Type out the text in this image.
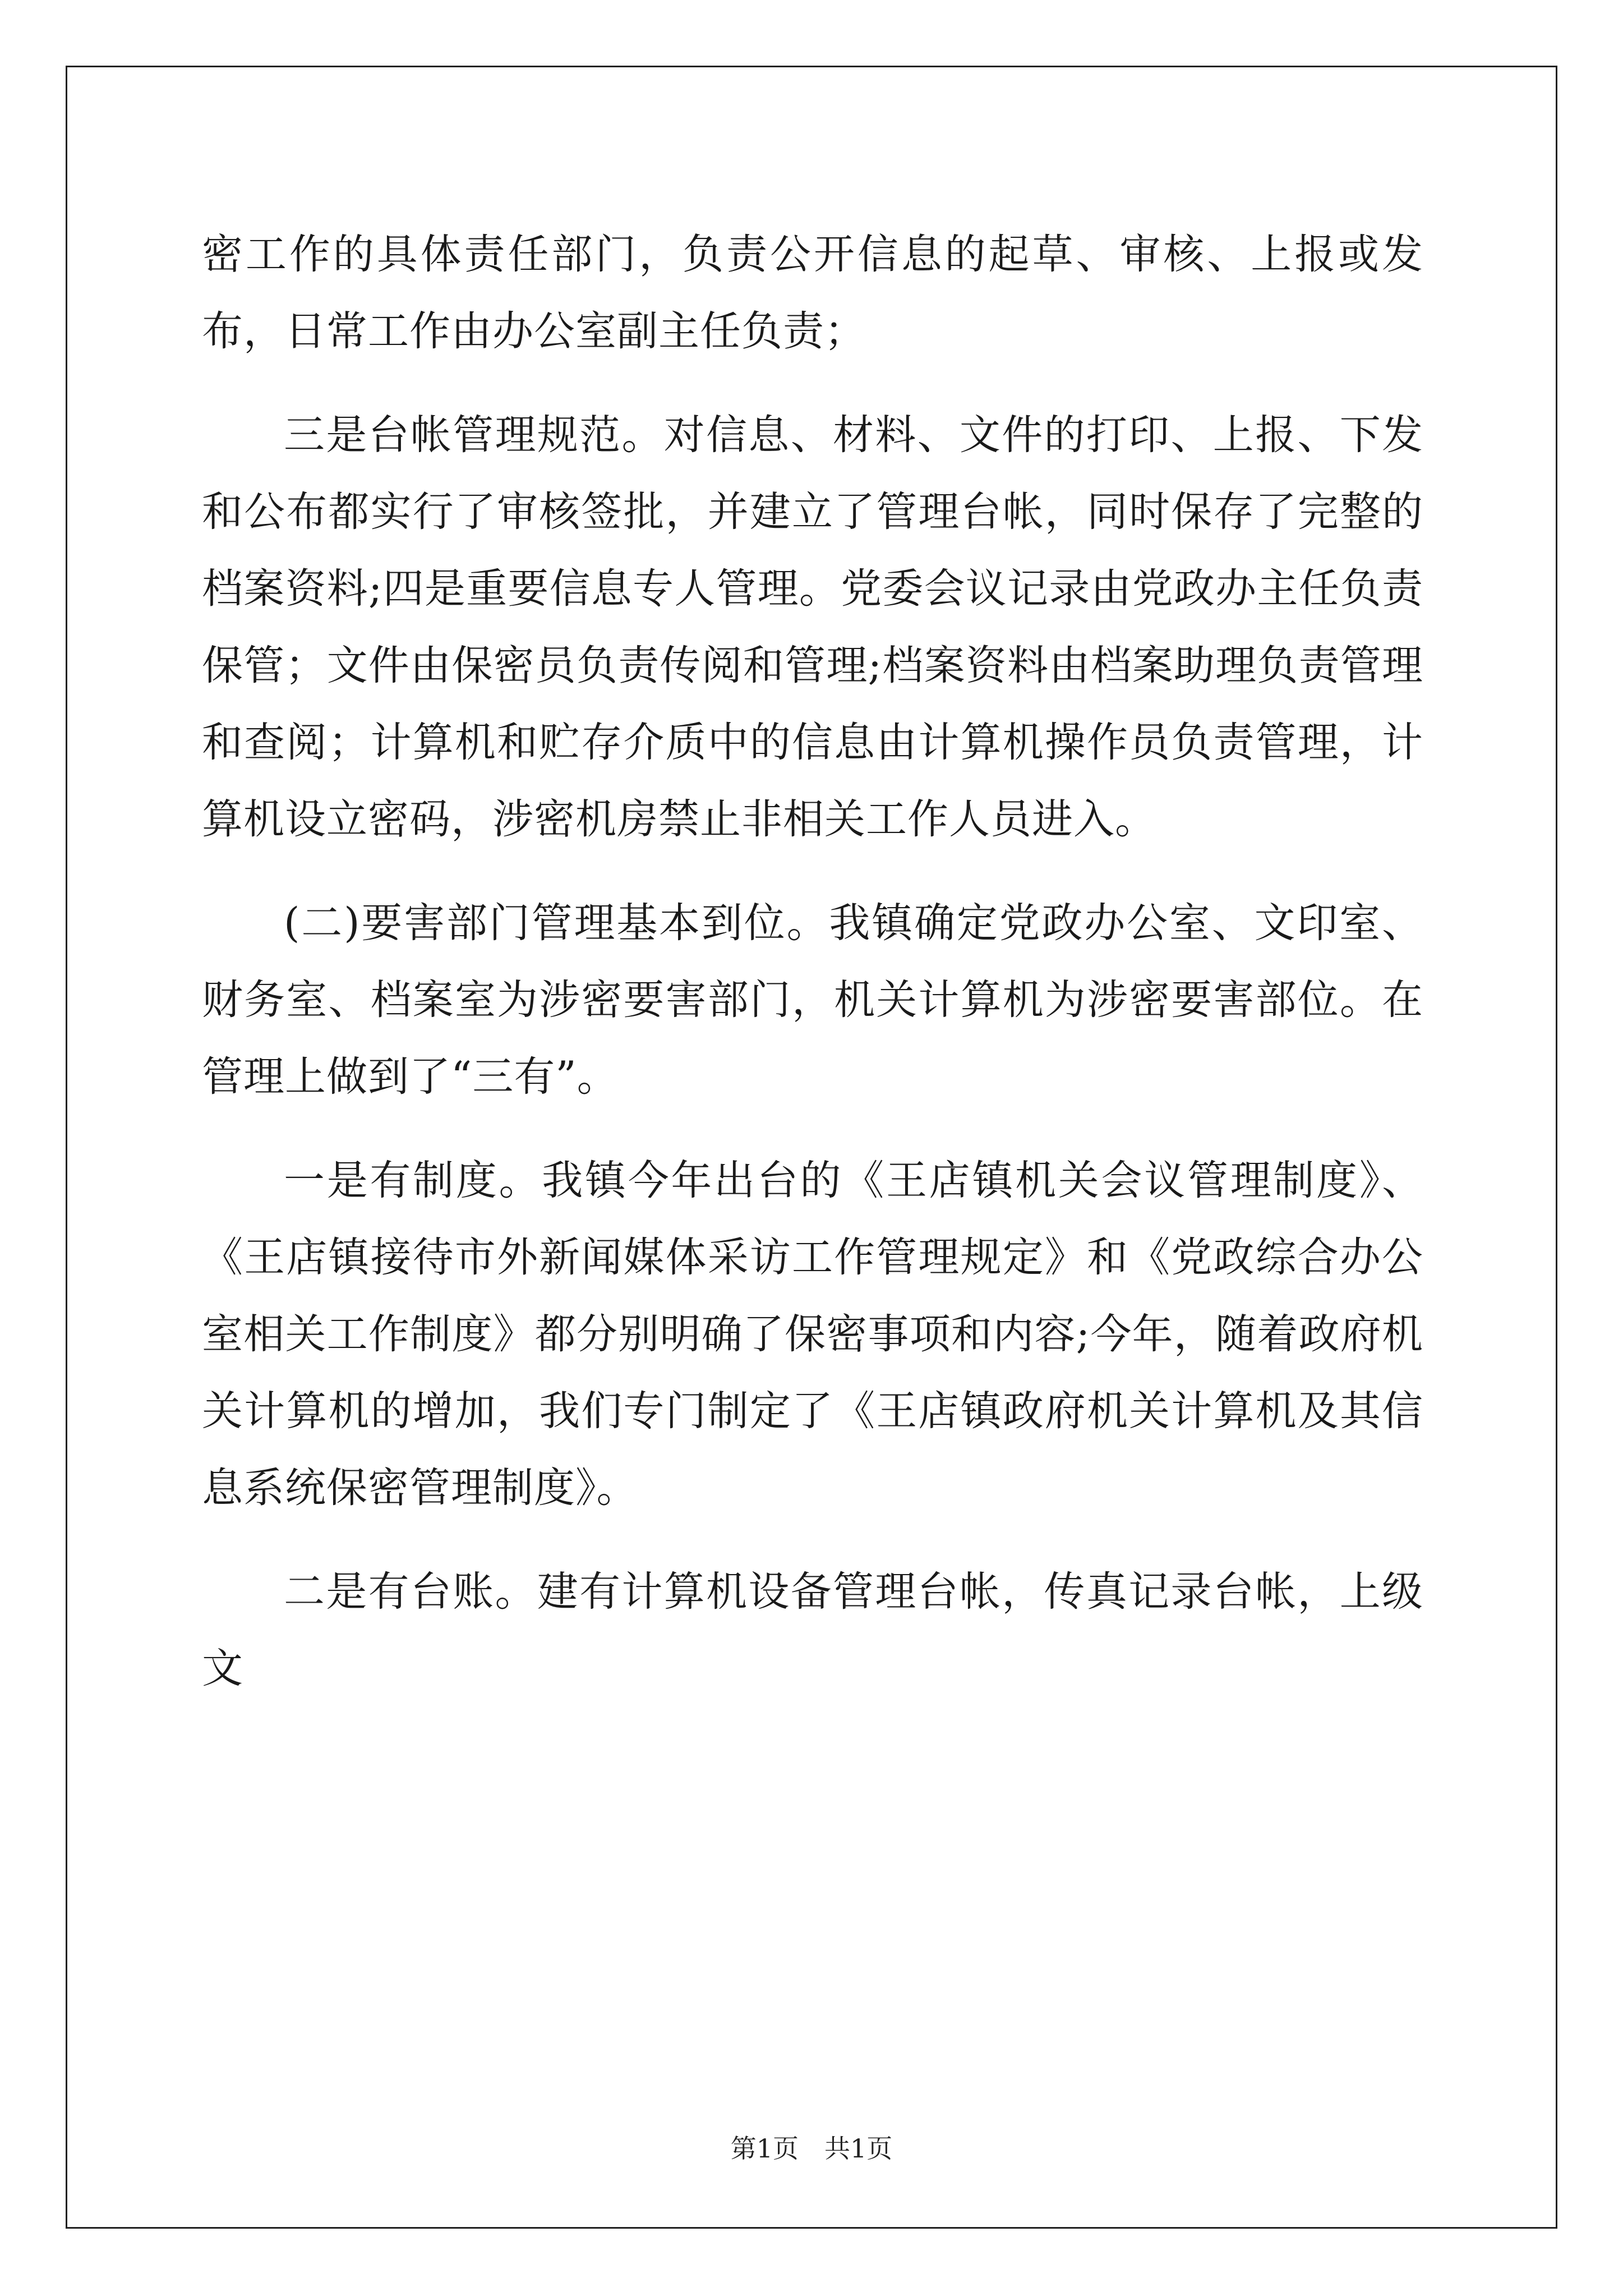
密工作的具体责任部门，负责公开信息的起草、审核、上报或发布，日常工作由办公室副主任负责；

三是台帐管理规范。对信息、材料、文件的打印、上报、下发和公布都实行了审核签批，并建立了管理台帐，同时保存了完整的档案资料;四是重要信息专人管理。党委会议记录由党政办主任负责保管；文件由保密员负责传阅和管理;档案资料由档案助理负责管理和查阅；计算机和贮存介质中的信息由计算机操作员负责管理，计算机设立密码，涉密机房禁止非相关工作人员进入。

(二)要害部门管理基本到位。我镇确定党政办公室、文印室、财务室、档案室为涉密要害部门，机关计算机为涉密要害部位。在管理上做到了“三有”。

一是有制度。我镇今年出台的《王店镇机关会议管理制度》、《王店镇接待市外新闻媒体采访工作管理规定》和《党政综合办公室相关工作制度》都分别明确了保密事项和内容;今年，随着政府机关计算机的增加，我们专门制定了《王店镇政府机关计算机及其信息系统保密管理制度》。

二是有台账。建有计算机设备管理台帐，传真记录台帐，上级文

第1页　共1页
